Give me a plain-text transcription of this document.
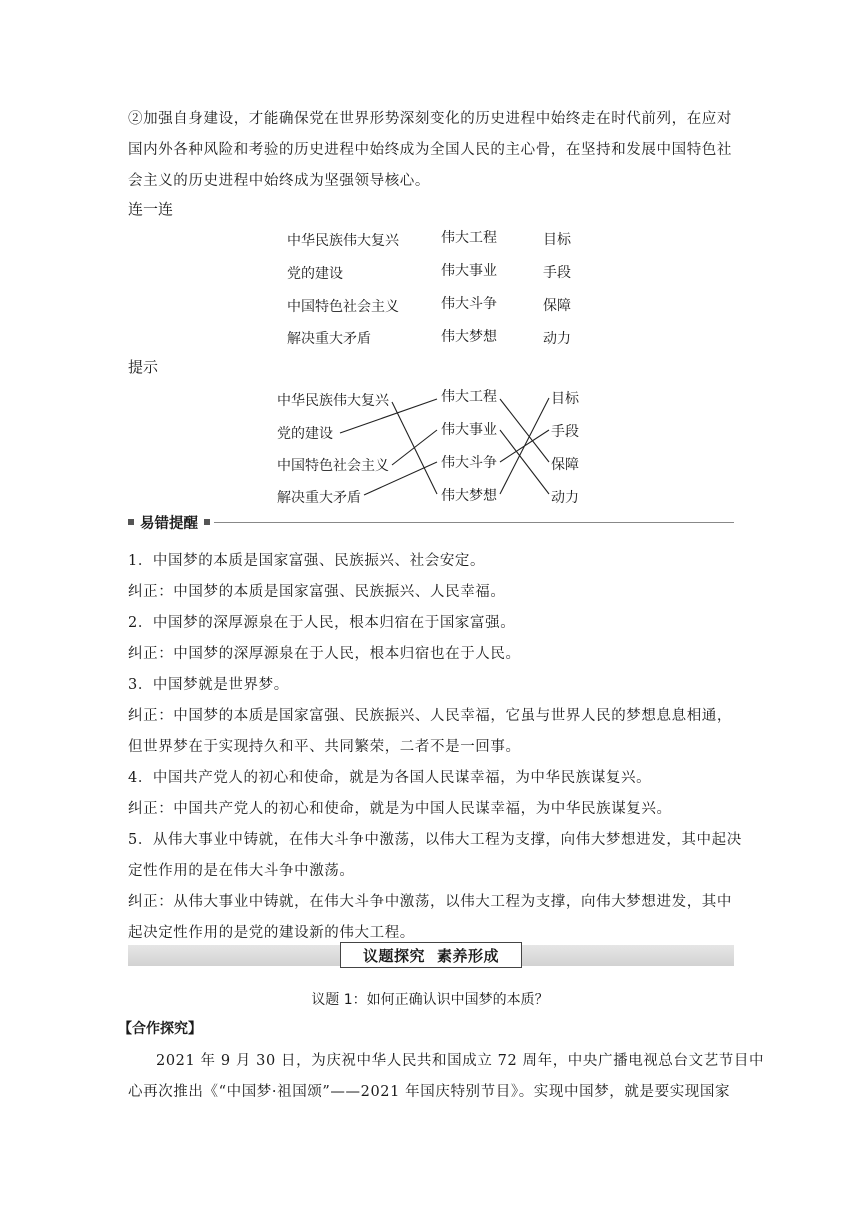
②加强自身建设，才能确保党在世界形势深刻变化的历史进程中始终走在时代前列，在应对
国内外各种风险和考验的历史进程中始终成为全国人民的主心骨，在坚持和发展中国特色社
会主义的历史进程中始终成为坚强领导核心。
连一连
中华民族伟大复兴
党的建设
中国特色社会主义
解决重大矛盾
伟大工程
伟大事业
伟大斗争
伟大梦想
目标
手段
保障
动力
提示
中华民族伟大复兴
党的建设
中国特色社会主义
解决重大矛盾
伟大工程
伟大事业
伟大斗争
伟大梦想
目标
手段
保障
动力
易错提醒
1．中国梦的本质是国家富强、民族振兴、社会安定。
纠正：中国梦的本质是国家富强、民族振兴、人民幸福。
2．中国梦的深厚源泉在于人民，根本归宿在于国家富强。
纠正：中国梦的深厚源泉在于人民，根本归宿也在于人民。
3．中国梦就是世界梦。
纠正：中国梦的本质是国家富强、民族振兴、人民幸福，它虽与世界人民的梦想息息相通，
但世界梦在于实现持久和平、共同繁荣，二者不是一回事。
4．中国共产党人的初心和使命，就是为各国人民谋幸福，为中华民族谋复兴。
纠正：中国共产党人的初心和使命，就是为中国人民谋幸福，为中华民族谋复兴。
5．从伟大事业中铸就，在伟大斗争中激荡，以伟大工程为支撑，向伟大梦想进发，其中起决
定性作用的是在伟大斗争中激荡。
纠正：从伟大事业中铸就，在伟大斗争中激荡，以伟大工程为支撑，向伟大梦想进发，其中
起决定性作用的是党的建设新的伟大工程。
议题探究 素养形成
议题 1：如何正确认识中国梦的本质？
【合作探究】
2021 年 9 月 30 日，为庆祝中华人民共和国成立 72 周年，中央广播电视总台文艺节目中
心再次推出《“中国梦·祖国颂”——2021 年国庆特别节目》。实现中国梦，就是要实现国家
